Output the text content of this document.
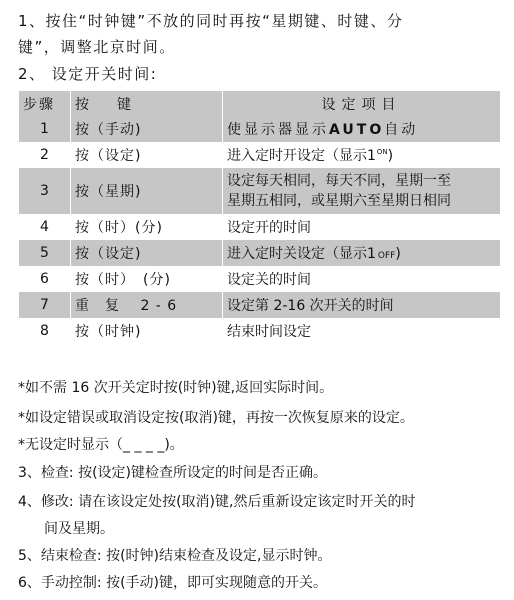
1、按住“时钟键”不放的同时再按“星期键、时键、分
键”，调整北京时间。
2、 设定开关时间:
步骤	按　　键	设定项目
1	按（手动)	使显示器显示AUTO自动
2	按（设定)	进入定时开设定（显示$1^{ON}$)
3	按（星期)	设定每天相同，每天不同，星期一至
星期五相同，或星期六至星期日相同

4	按（时）(分)	设定开的时间
5	按（设定)	进入定时关设定（显示1 OFF)
6	按（时）　(分)	设定关的时间
7	重　复　 2 - 6	设定第 2-16 次开关的时间
8	按（时钟)	结束时间设定
*如不需 16 次开关定时按(时钟)键,返回实际时间。
*如设定错误或取消设定按(取消)键，再按一次恢复原来的设定。
*无设定时显示（_ _ _ _)。
3、检查: 按(设定)键检查所设定的时间是否正确。
4、修改: 请在该设定处按(取消)键,然后重新设定该定时开关的时
间及星期。
5、结束检查: 按(时钟)结束检查及设定,显示时钟。
6、手动控制: 按(手动)键，即可实现随意的开关。
